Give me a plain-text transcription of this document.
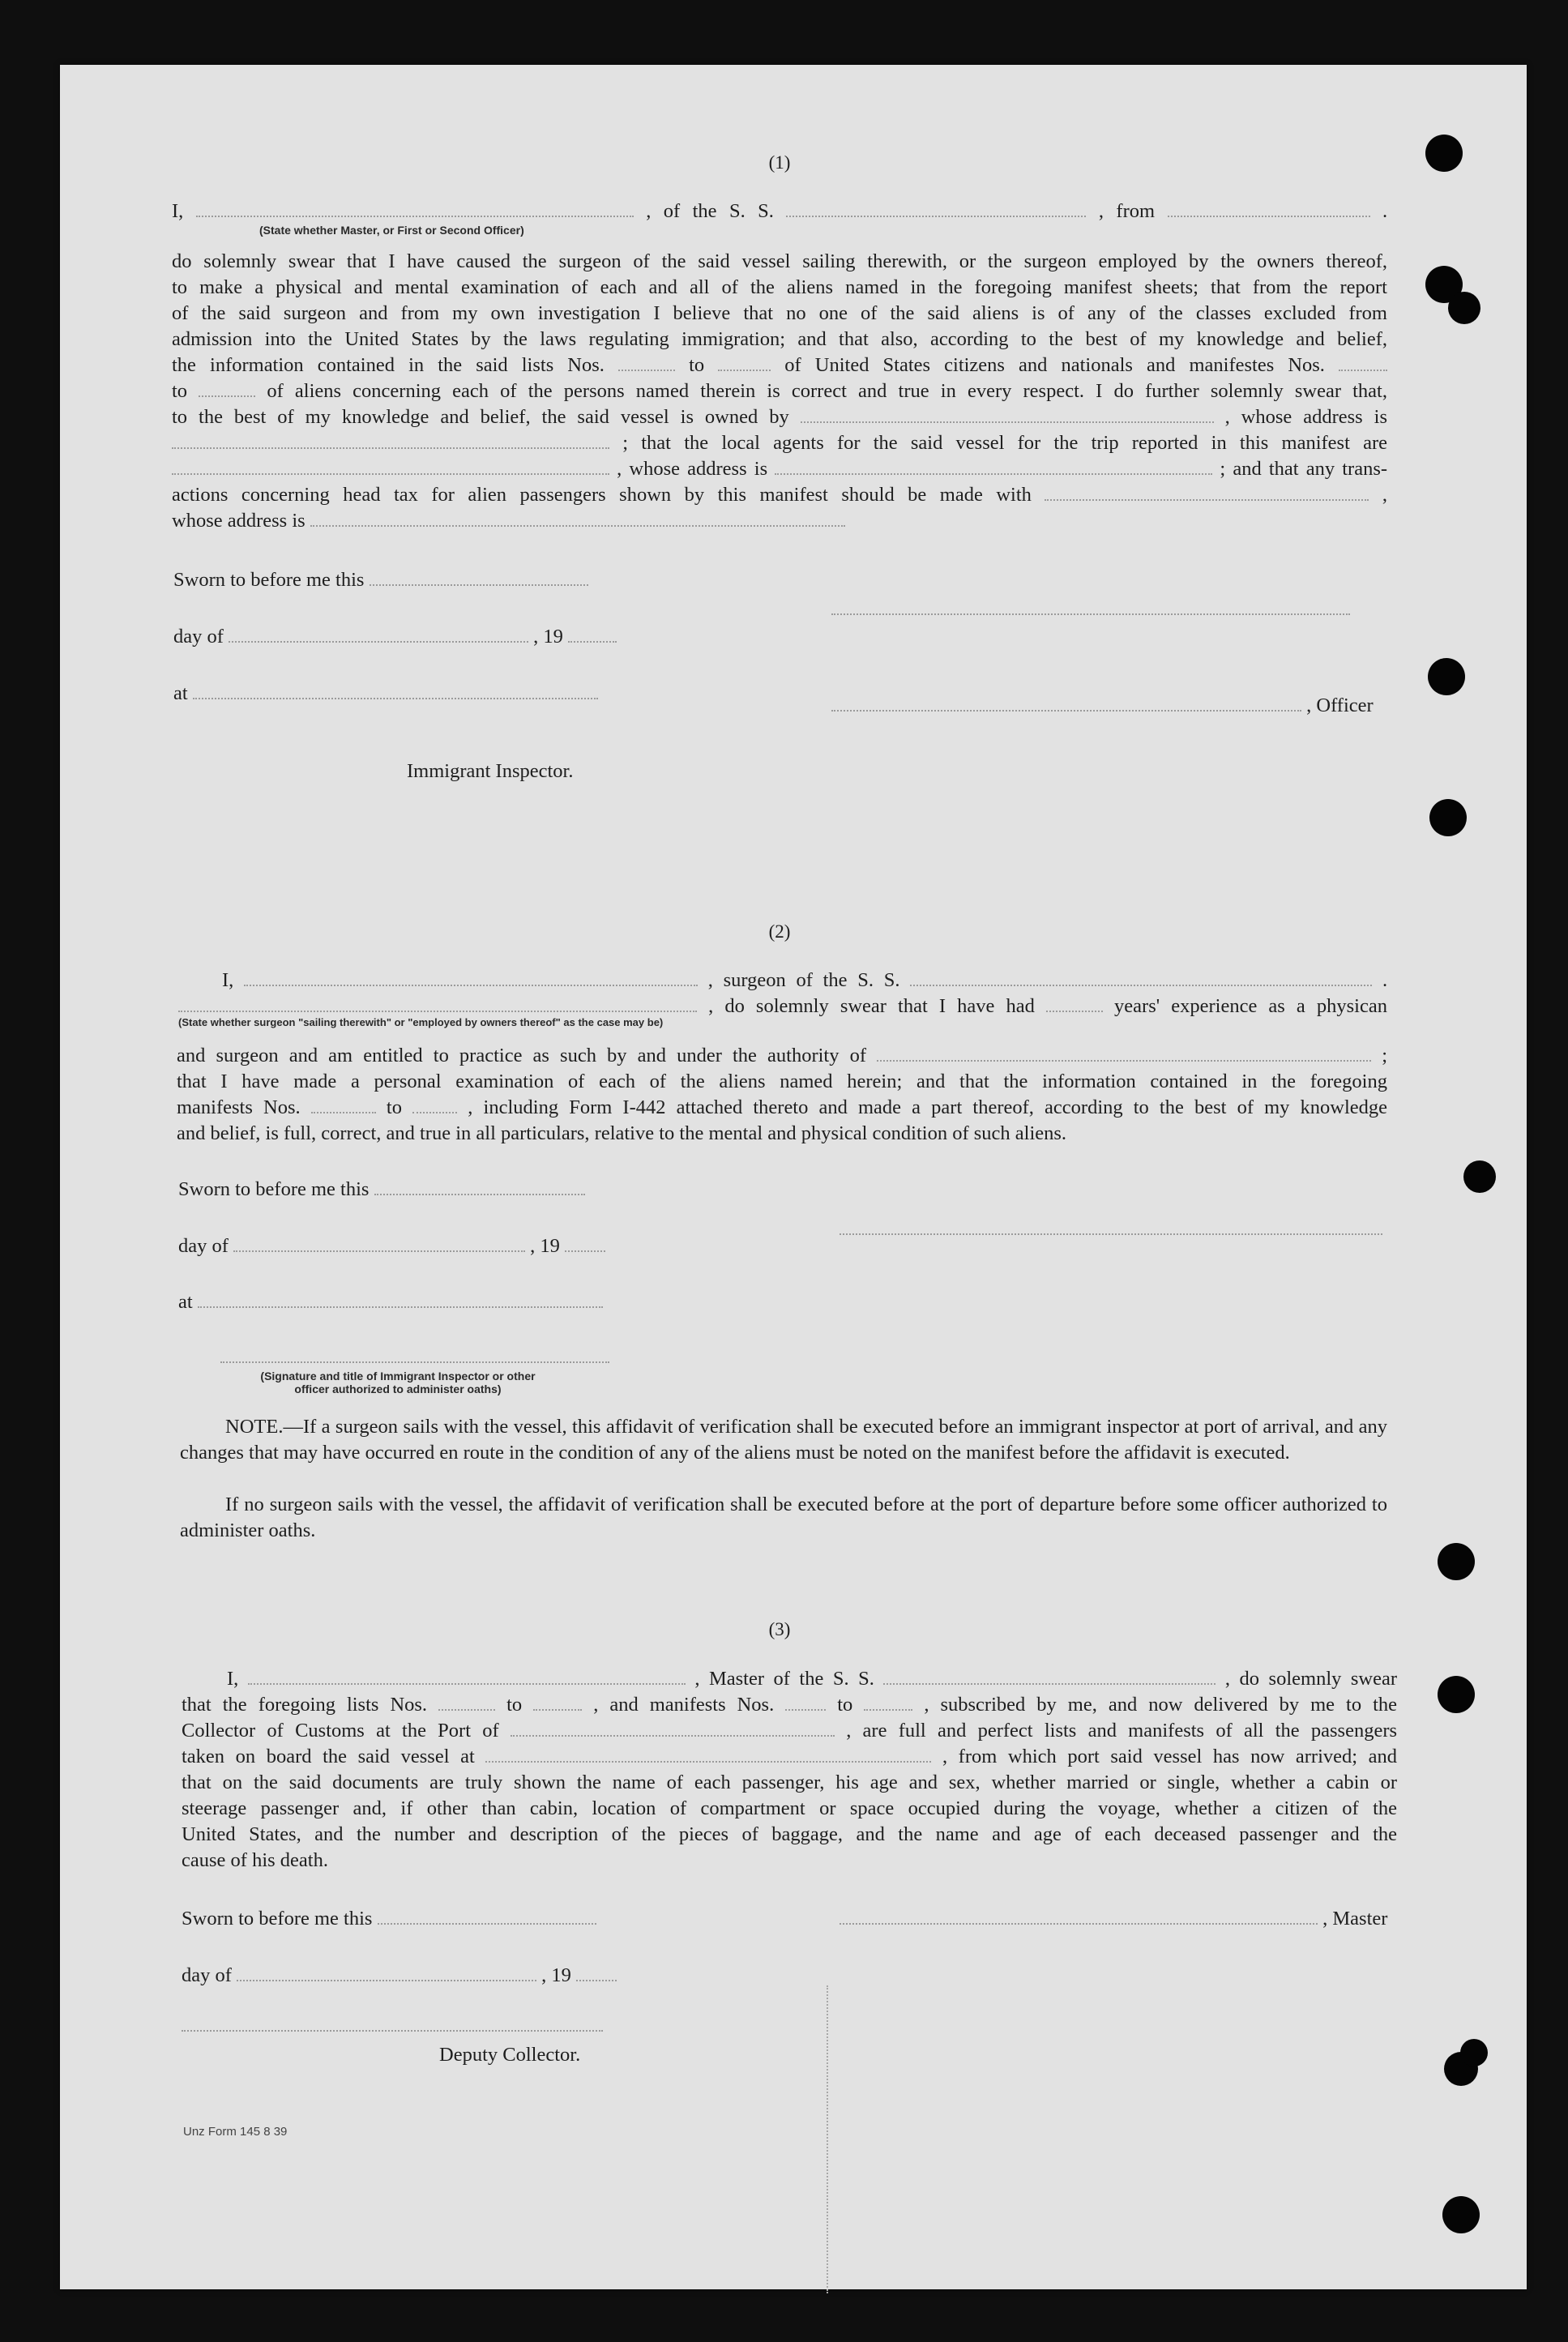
(1)
I,	, of the S. S.	, from	.
(State whether Master, or First or Second Officer)
do solemnly swear that I have caused the surgeon of the said vessel sailing therewith, or the surgeon employed by the owners thereof,
to make a physical and mental examination of each and all of the aliens named in the foregoing manifest sheets; that from the report
of the said surgeon and from my own investigation I believe that no one of the said aliens is of any of the classes excluded from
admission into the United States by the laws regulating immigration; and that also, according to the best of my knowledge and belief,
the information contained in the said lists Nos.	to	of United States citizens and nationals and manifestes Nos.
to	of aliens concerning each of the persons named therein is correct and true in every respect. I do further solemnly swear that,
to the best of my knowledge and belief, the said vessel is owned by	, whose address is
; that the local agents for the said vessel for the trip reported in this manifest are
, whose address is	; and that any trans-
actions concerning head tax for alien passengers shown by this manifest should be made with	,
whose address is
Sworn to before me this
day of	, 19
at
, Officer
Immigrant Inspector.
(2)
I,	, surgeon of the S. S.	.
, do solemnly swear that I have had	years' experience as a physican
(State whether surgeon "sailing therewith" or "employed by owners thereof" as the case may be)
and surgeon and am entitled to practice as such by and under the authority of	;
that I have made a personal examination of each of the aliens named herein; and that the information contained in the foregoing
manifests Nos.	to	, including Form I-442 attached thereto and made a part thereof, according to the best of my knowledge
and belief, is full, correct, and true in all particulars, relative to the mental and physical condition of such aliens.
Sworn to before me this
day of	, 19
at
(Signature and title of Immigrant Inspector or other
officer authorized to administer oaths)
NOTE.—If a surgeon sails with the vessel, this affidavit of verification shall be executed before an immigrant inspector at port of arrival, and any changes that may have occurred en route in the condition of any of the aliens must be noted on the manifest before the affidavit is executed.
If no surgeon sails with the vessel, the affidavit of verification shall be executed before at the port of departure before some officer authorized to administer oaths.
(3)
I,	, Master of the S. S.	, do solemnly swear
that the foregoing lists Nos.	to	, and manifests Nos.	to	, subscribed by me, and now delivered by me to the
Collector of Customs at the Port of	, are full and perfect lists and manifests of all the passengers
taken on board the said vessel at	, from which port said vessel has now arrived; and
that on the said documents are truly shown the name of each passenger, his age and sex, whether married or single, whether a cabin or
steerage passenger and, if other than cabin, location of compartment or space occupied during the voyage, whether a citizen of the
United States, and the number and description of the pieces of baggage, and the name and age of each deceased passenger and the
cause of his death.
Sworn to before me this	, Master
day of	, 19
Deputy Collector.
Unz Form 145 8 39
